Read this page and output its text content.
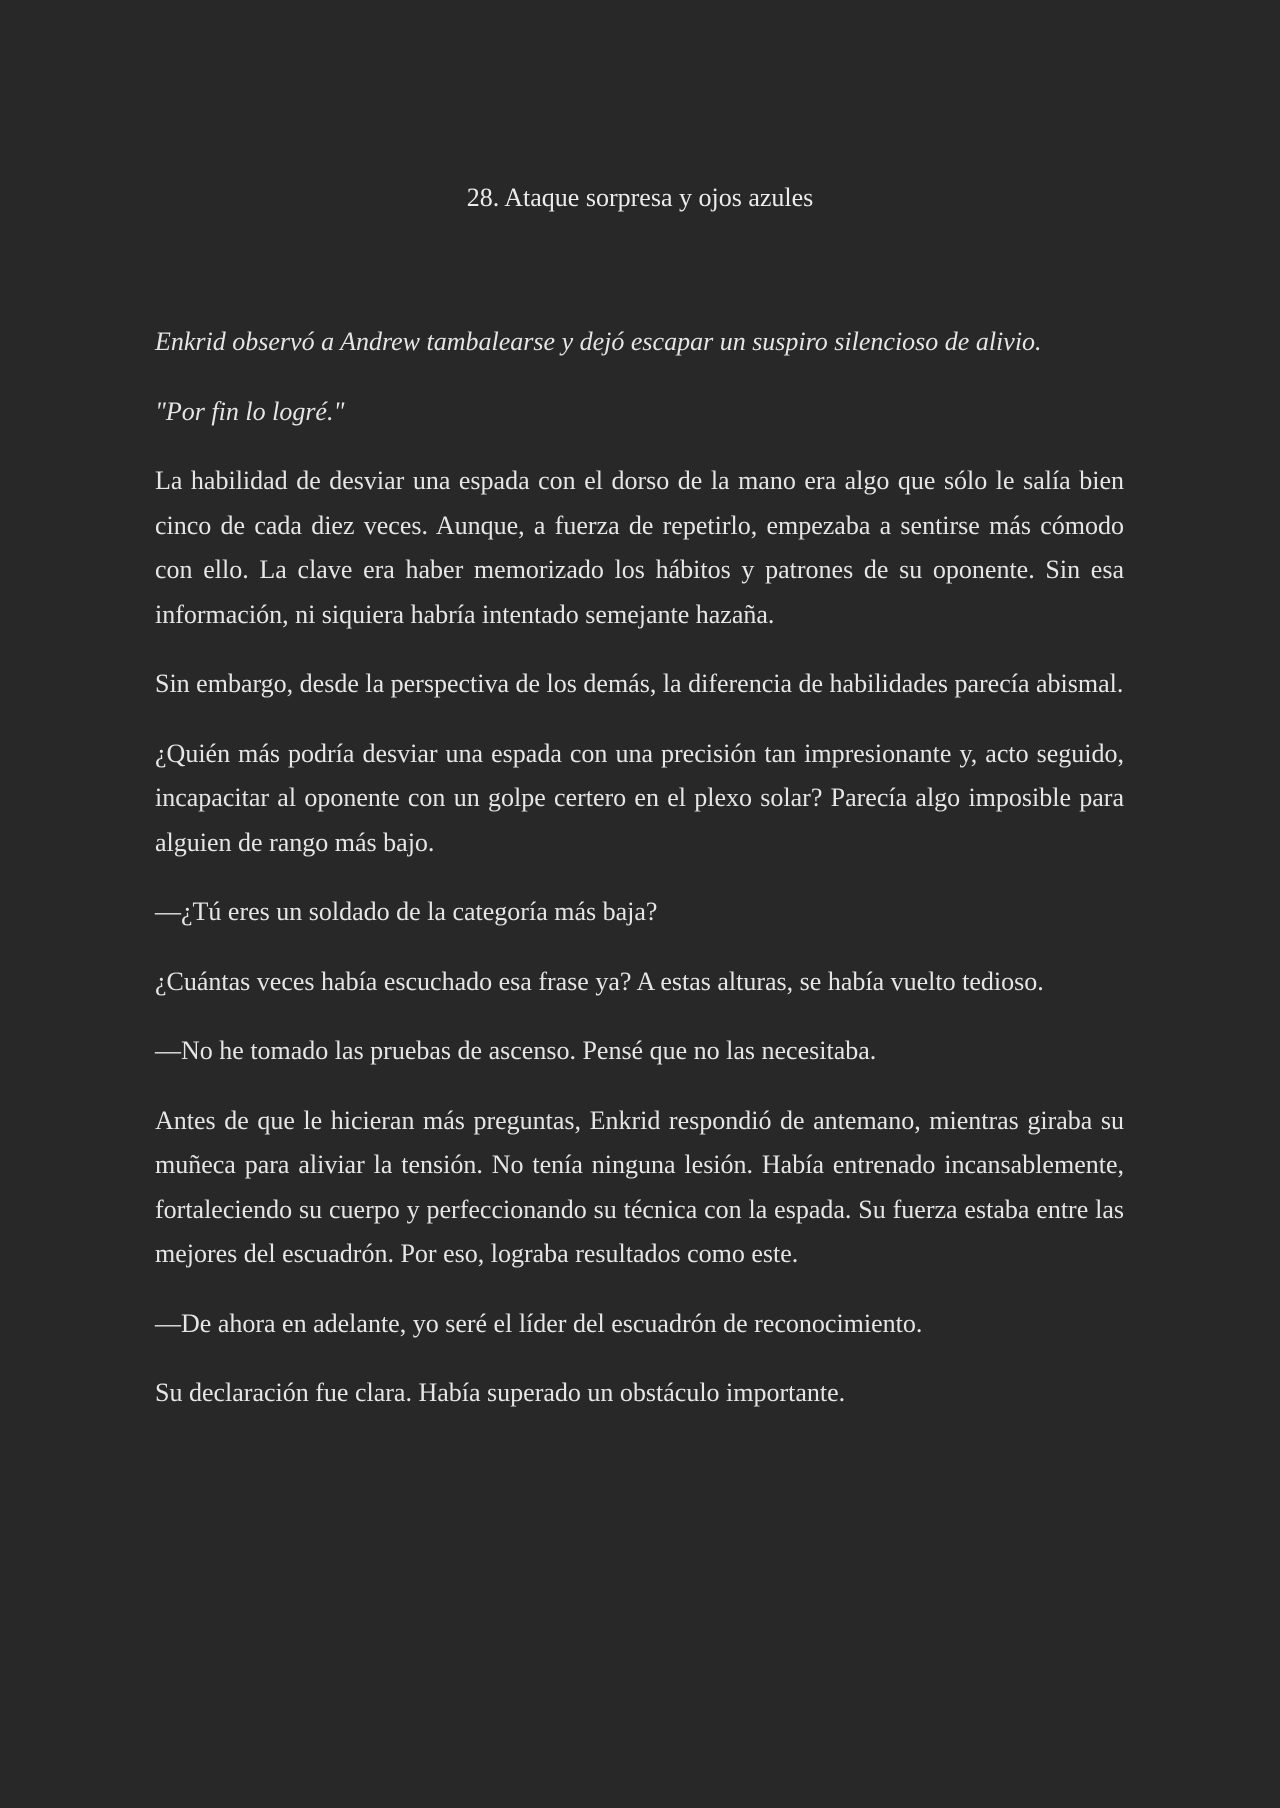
28. Ataque sorpresa y ojos azules

Enkrid observó a Andrew tambalearse y dejó escapar un suspiro silencioso de alivio.

"Por fin lo logré."

La habilidad de desviar una espada con el dorso de la mano era algo que sólo le salía bien cinco de cada diez veces. Aunque, a fuerza de repetirlo, empezaba a sentirse más cómodo con ello. La clave era haber memorizado los hábitos y patrones de su oponente. Sin esa información, ni siquiera habría intentado semejante hazaña.

Sin embargo, desde la perspectiva de los demás, la diferencia de habilidades parecía abismal.

¿Quién más podría desviar una espada con una precisión tan impresionante y, acto seguido, incapacitar al oponente con un golpe certero en el plexo solar? Parecía algo imposible para alguien de rango más bajo.

—¿Tú eres un soldado de la categoría más baja?

¿Cuántas veces había escuchado esa frase ya? A estas alturas, se había vuelto tedioso.

—No he tomado las pruebas de ascenso. Pensé que no las necesitaba.

Antes de que le hicieran más preguntas, Enkrid respondió de antemano, mientras giraba su muñeca para aliviar la tensión. No tenía ninguna lesión. Había entrenado incansablemente, fortaleciendo su cuerpo y perfeccionando su técnica con la espada. Su fuerza estaba entre las mejores del escuadrón. Por eso, lograba resultados como este.

—De ahora en adelante, yo seré el líder del escuadrón de reconocimiento.

Su declaración fue clara. Había superado un obstáculo importante.
